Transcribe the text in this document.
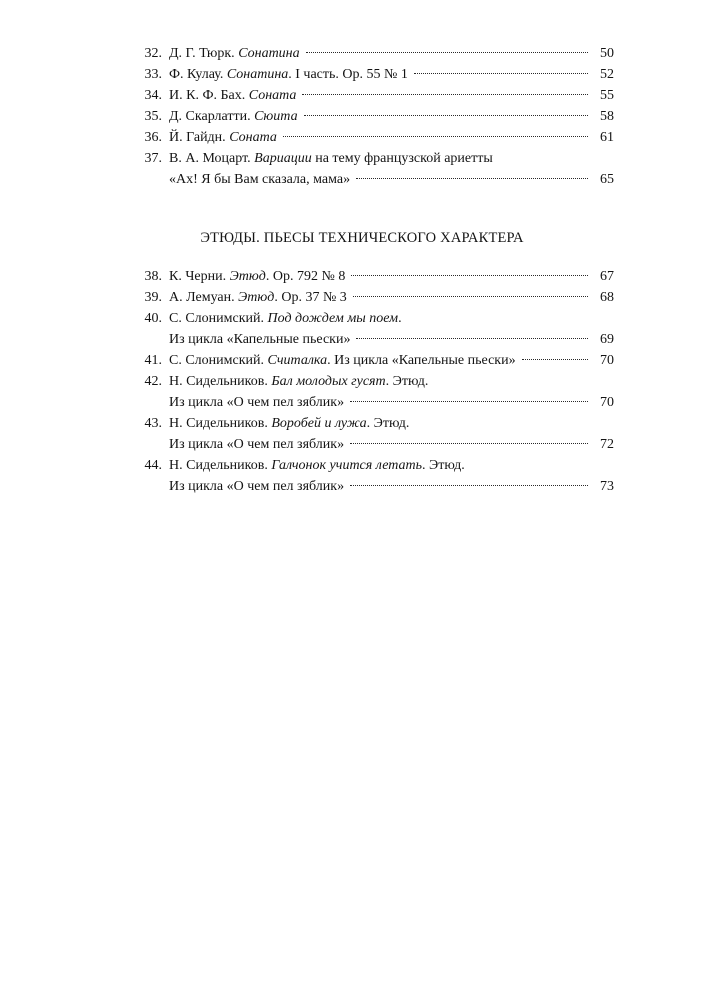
32. Д. Г. Тюрк. Сонатина	50
33. Ф. Кулау. Сонатина. I часть. Ор. 55 № 1	52
34. И. К. Ф. Бах. Соната	55
35. Д. Скарлатти. Сюита	58
36. Й. Гайдн. Соната	61
37. В. А. Моцарт. Вариации на тему французской ариетты
«Ах! Я бы Вам сказала, мама»	65
ЭТЮДЫ. ПЬЕСЫ ТЕХНИЧЕСКОГО ХАРАКТЕРА
38. К. Черни. Этюд. Ор. 792 № 8	67
39. А. Лемуан. Этюд. Ор. 37 № 3	68
40. С. Слонимский. Под дождем мы поем.
Из цикла «Капельные пьески»	69
41. С. Слонимский. Считалка. Из цикла «Капельные пьески»	70
42. Н. Сидельников. Бал молодых гусят. Этюд.
Из цикла «О чем пел зяблик»	70
43. Н. Сидельников. Воробей и лужа. Этюд.
Из цикла «О чем пел зяблик»	72
44. Н. Сидельников. Галчонок учится летать. Этюд.
Из цикла «О чем пел зяблик»	73
